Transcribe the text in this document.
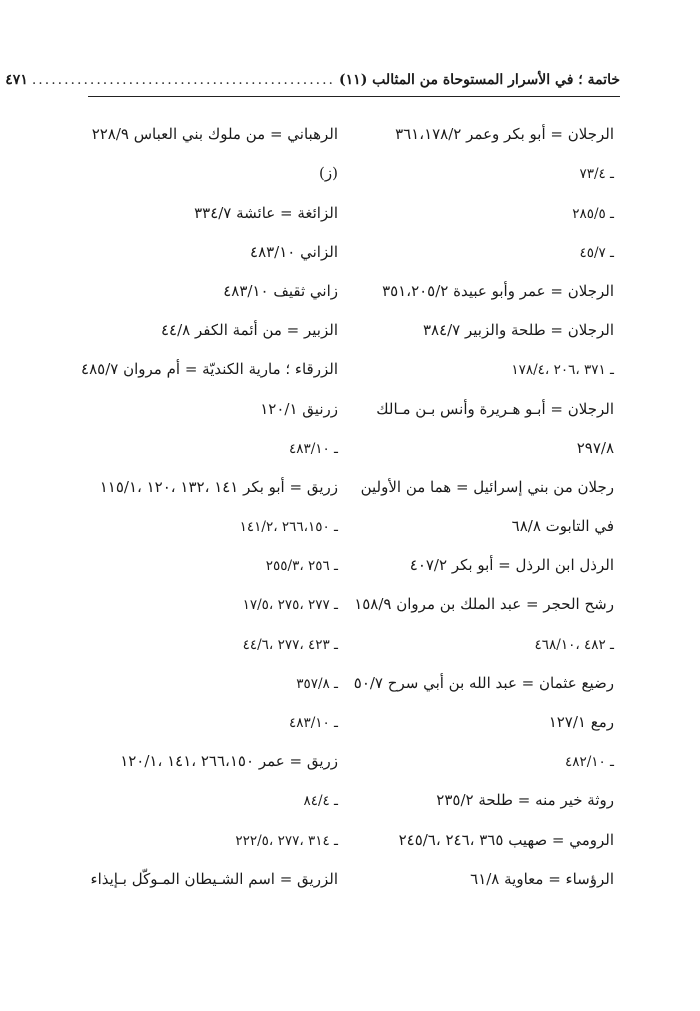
خاتمة ؛ في الأسرار المستوحاة من المثالب (١١)
...............................................
٤٧١
الرجلان = أبو بكر وعمر ٣٦١،١٧٨/٢
ـ ٧٣/٤
ـ ٢٨٥/٥
ـ ٤٥/٧
الرجلان = عمر وأبو عبيدة ٣٥١،٢٠٥/٢
الرجلان = طلحة والزبير ٣٨٤/٧
ـ ٣٧١ ،٢٠٦ ،١٧٨/٤
الرجلان = أبـو هـريرة وأنس بـن مـالك
٢٩٧/٨
رجلان من بني إسرائيل = هما من الأولين
في التابوت ٦٨/٨
الرذل ابن الرذل = أبو بكر ٤٠٧/٢
رشح الحجر = عبد الملك بن مروان ١٥٨/٩
ـ ٤٨٢ ،٤٦٨/١٠
رضيع عثمان = عبد الله بن أبي سرح ٥٠/٧
رمع ١٢٧/١
ـ ٤٨٢/١٠
روثة خير منه = طلحة ٢٣٥/٢
الرومي = صهيب ٣٦٥ ،٢٤٦ ،٢٤٥/٦
الرؤساء = معاوية ٦١/٨
الرهباني = من ملوك بني العباس ٢٢٨/٩
(ز)
الزائغة = عائشة ٣٣٤/٧
الزاني ٤٨٣/١٠
زاني ثقيف ٤٨٣/١٠
الزبير = من أئمة الكفر ٤٤/٨
الزرقاء ؛ مارية الكنديّة = أم مروان ٤٨٥/٧
زرنيق ١٢٠/١
ـ ٤٨٣/١٠
زريق = أبو بكر ١٤١ ،١٣٢ ،١٢٠ ،١١٥/١
ـ ٢٦٦،١٥٠ ،١٤١/٢
ـ ٢٥٦ ،٢٥٥/٣
ـ ٢٧٧ ،٢٧٥ ،١٧/٥
ـ ٤٢٣ ،٢٧٧ ،٤٤/٦
ـ ٣٥٧/٨
ـ ٤٨٣/١٠
زريق = عمر ٢٦٦،١٥٠ ،١٤١ ،١٢٠/١
ـ ٨٤/٤
ـ ٣١٤ ،٢٧٧ ،٢٢٢/٥
الزريق = اسم الشـيطان المـوكّل بـإيذاء
